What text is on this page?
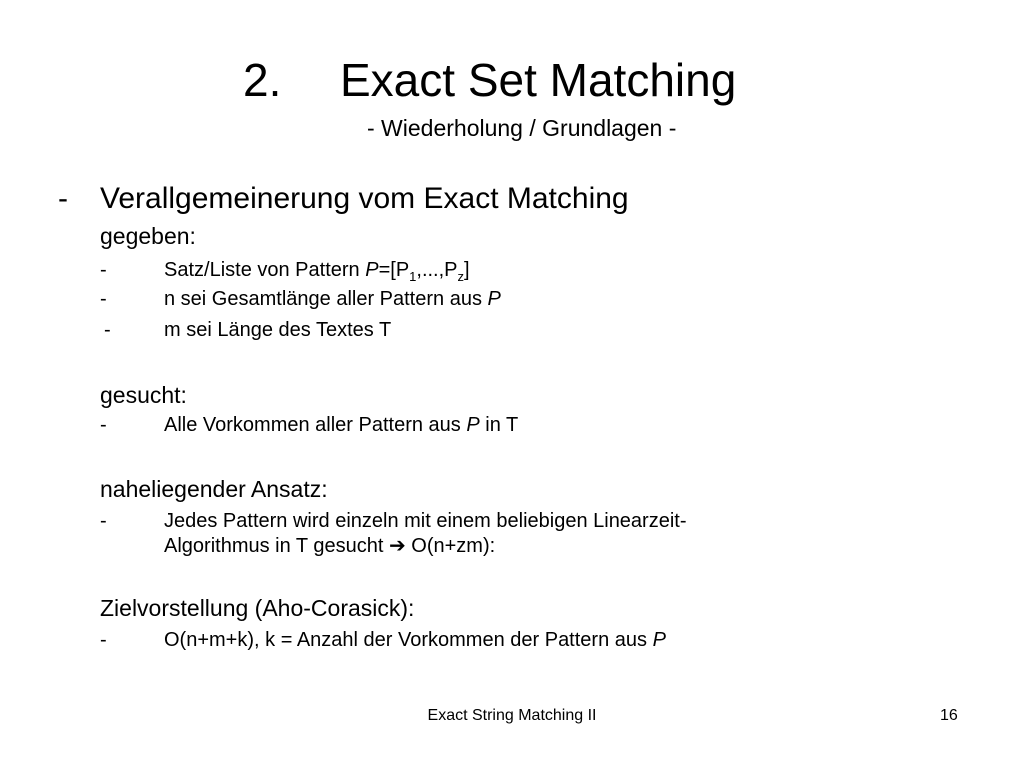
2. Exact Set Matching
- Wiederholung / Grundlagen -
- Verallgemeinerung vom Exact Matching
gegeben:
-	Satz/Liste von Pattern $P=[P_1,...,P_z]$
-	n sei Gesamtlänge aller Pattern aus P
-	m sei Länge des Textes T
gesucht:
-	Alle Vorkommen aller Pattern aus P in T
naheliegender Ansatz:
-	Jedes Pattern wird einzeln mit einem beliebigen Linearzeit-
Algorithmus in T gesucht ➔ O(n+zm):
Zielvorstellung (Aho-Corasick):
-	O(n+m+k), k = Anzahl der Vorkommen der Pattern aus P
Exact String Matching II	16
